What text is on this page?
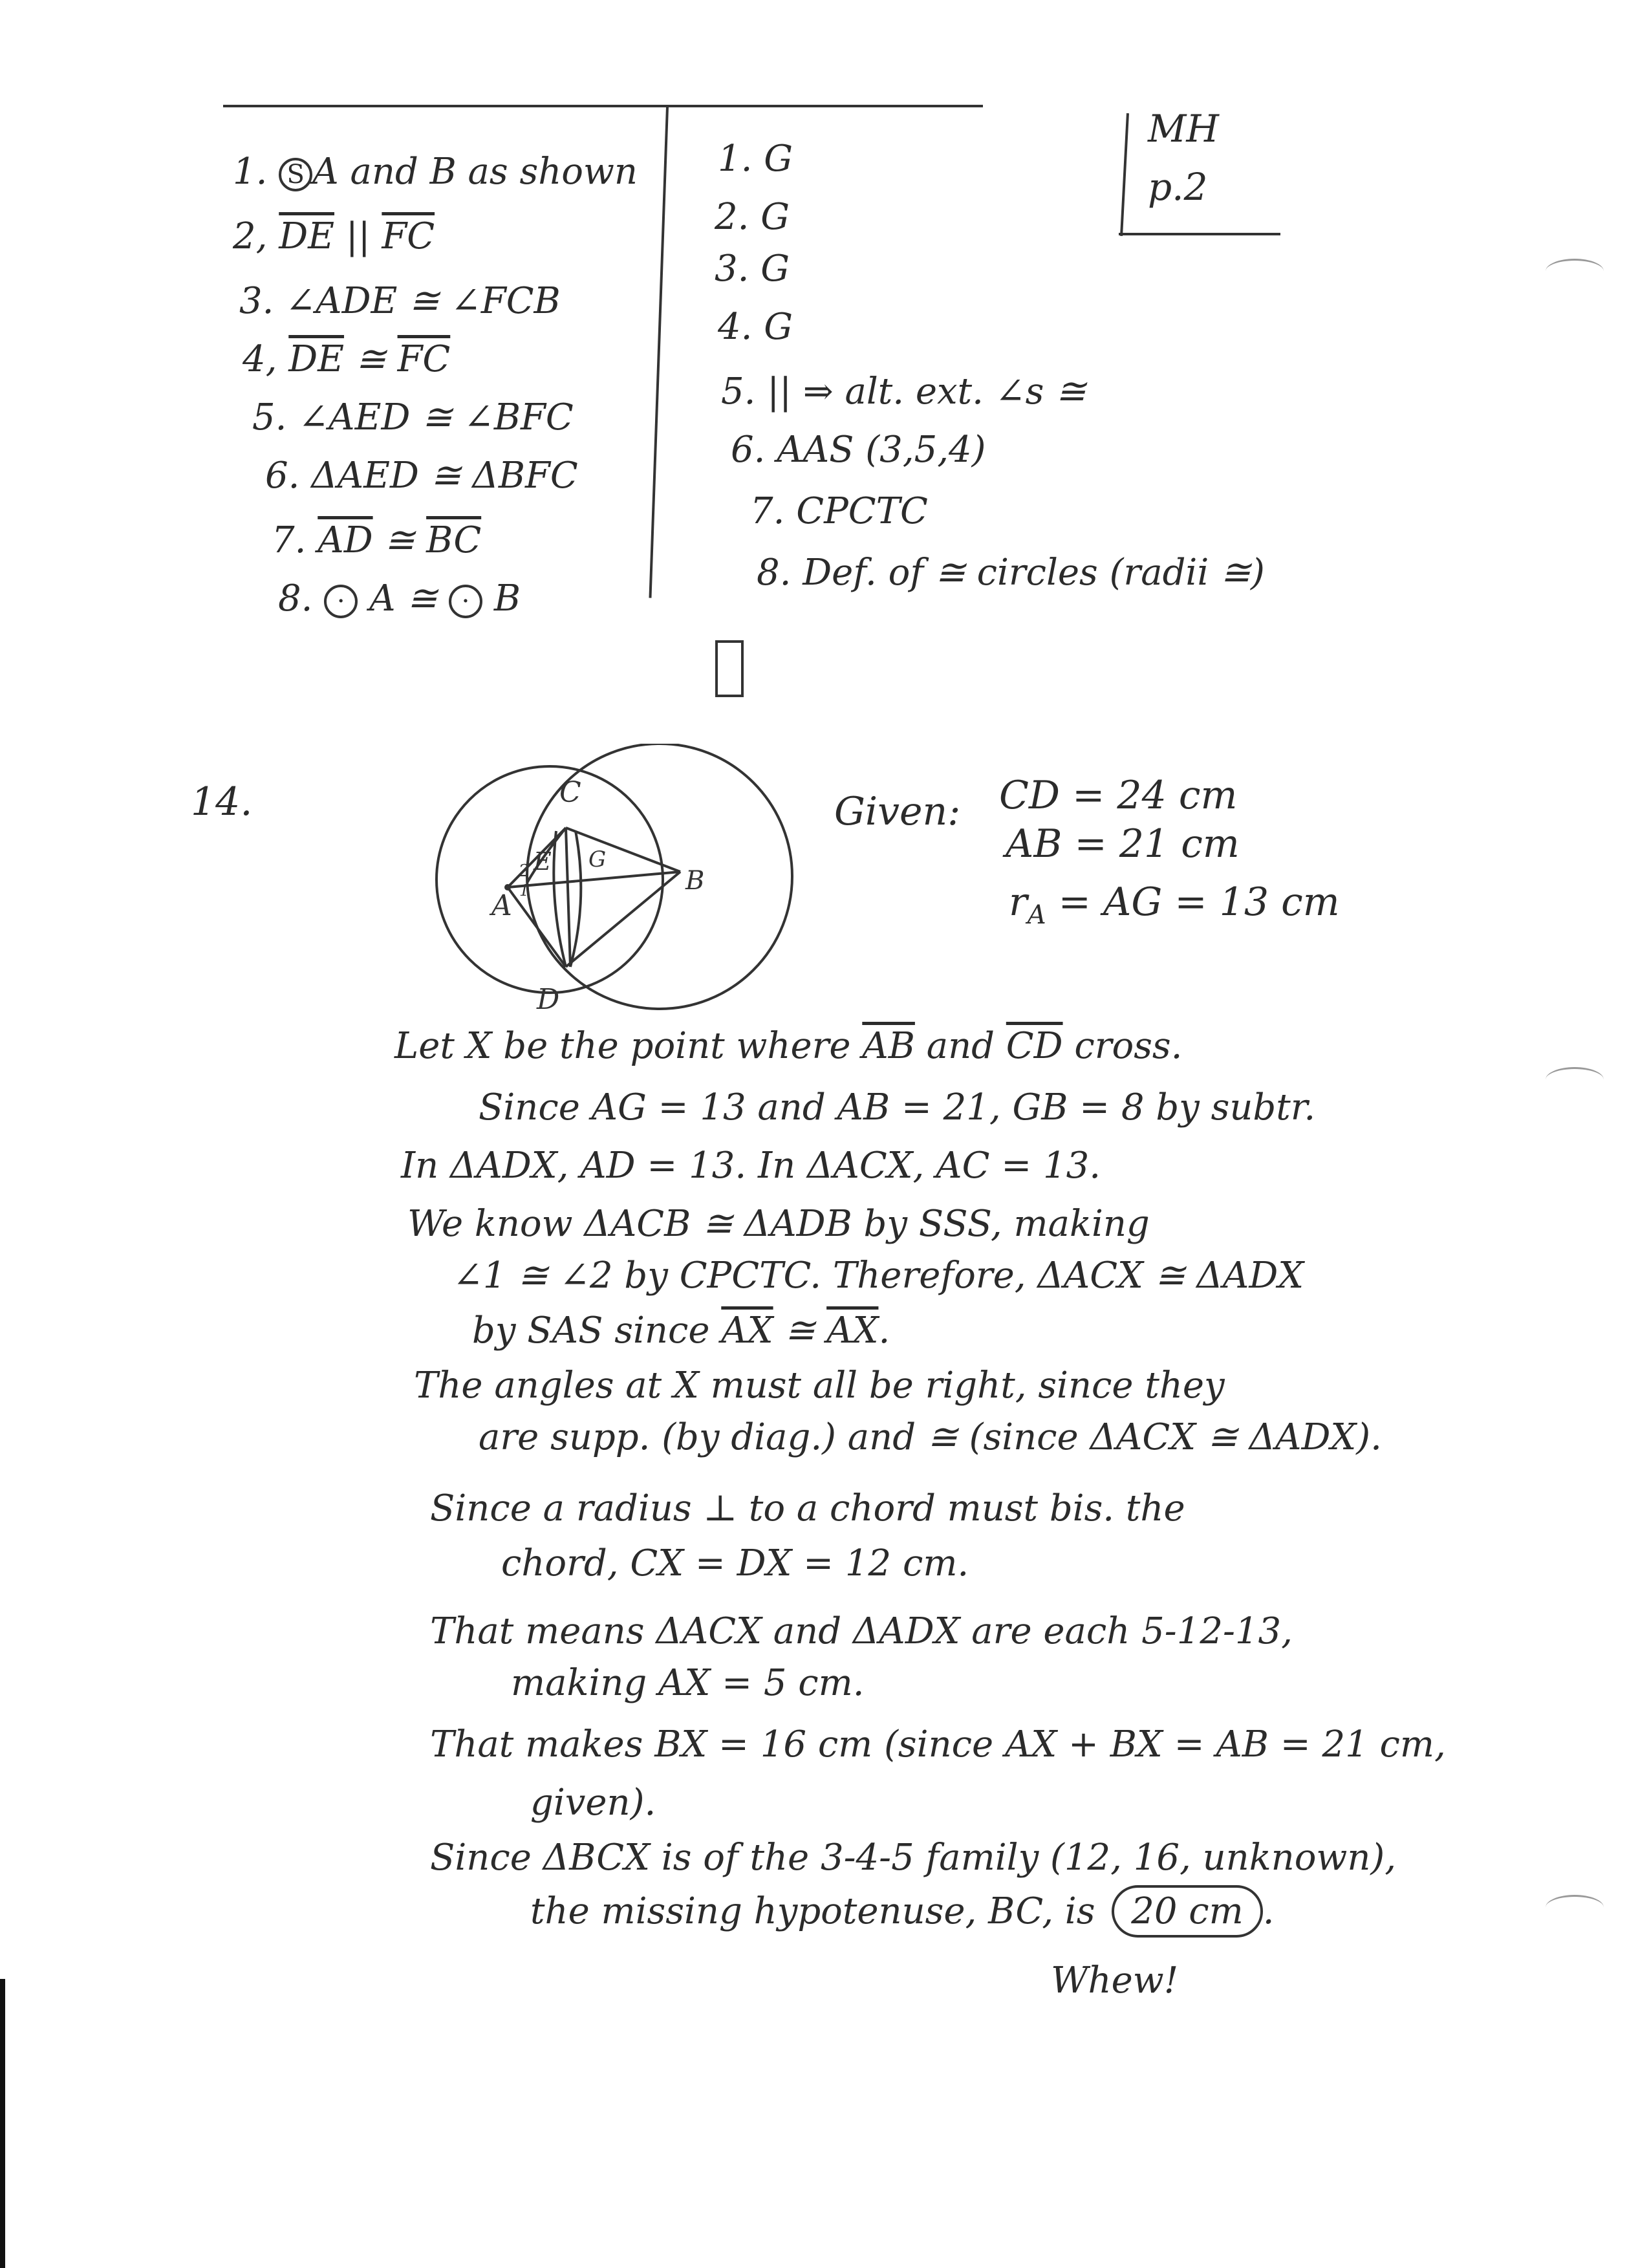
MH
p.2
1. S A and B as shown
2, $\overline{DE}$ || $\overline{FC}$
3. ∠ADE ≅ ∠FCB
4, $\overline{DE}$ ≅ $\overline{FC}$
5. ∠AED ≅ ∠BFC
6. ΔAED ≅ ΔBFC
7. $\overline{AD}$ ≅ $\overline{BC}$
8. · A ≅ · B
1. G
2. G
3. G
4. G
5. || ⇒ alt. ext. ∠s ≅
6. AAS (3,5,4)
7. CPCTC
8. Def. of ≅ circles (radii ≅)
14.	C
D
A
B
E G
1
2
Given: CD = 24 cm
AB = 21 cm
$r_A$ = AG = 13 cm
Let X be the point where $\overline{AB}$ and $\overline{CD}$ cross.
Since AG = 13 and AB = 21, GB = 8 by subtr.
In ΔADX, AD = 13. In ΔACX, AC = 13.
We know ΔACB ≅ ΔADB by SSS, making
∠1 ≅ ∠2 by CPCTC. Therefore, ΔACX ≅ ΔADX
by SAS since $\overline{AX}$ ≅ $\overline{AX}$.
The angles at X must all be right, since they
are supp. (by diag.) and ≅ (since ΔACX ≅ ΔADX).
Since a radius ⊥ to a chord must bis. the
chord, CX = DX = 12 cm.
That means ΔACX and ΔADX are each 5-12-13,
making AX = 5 cm.
That makes BX = 16 cm (since AX + BX = AB = 21 cm,
given).
Since ΔBCX is of the 3-4-5 family (12, 16, unknown),
the missing hypotenuse, BC, is 20 cm .
Whew!
